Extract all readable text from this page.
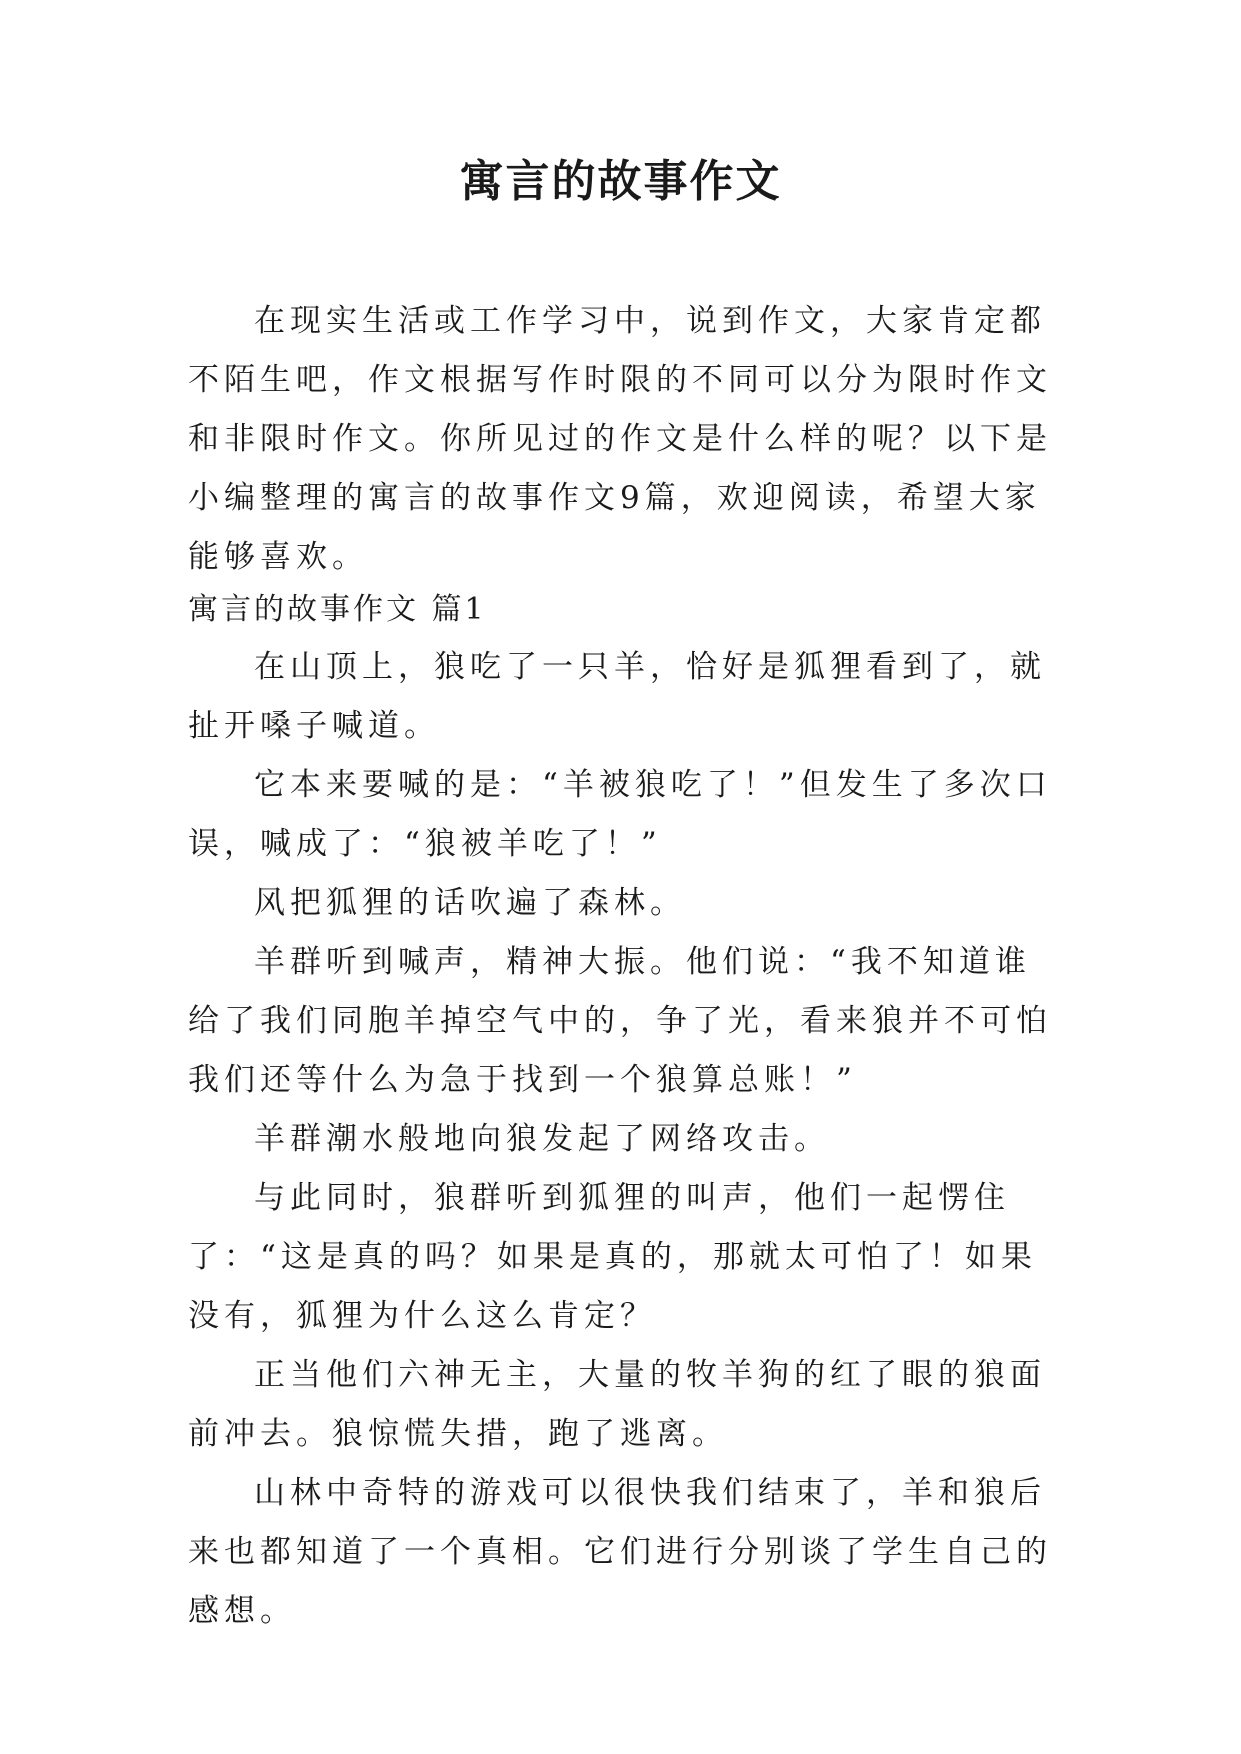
寓言的故事作文

在现实生活或工作学习中，说到作文，大家肯定都不陌生吧，作文根据写作时限的不同可以分为限时作文和非限时作文。你所见过的作文是什么样的呢？以下是小编整理的寓言的故事作文9篇，欢迎阅读，希望大家能够喜欢。

寓言的故事作文 篇1

在山顶上，狼吃了一只羊，恰好是狐狸看到了，就扯开嗓子喊道。

它本来要喊的是：“羊被狼吃了！”但发生了多次口误，喊成了：“狼被羊吃了！”

风把狐狸的话吹遍了森林。

羊群听到喊声，精神大振。他们说：“我不知道谁给了我们同胞羊掉空气中的，争了光，看来狼并不可怕我们还等什么为急于找到一个狼算总账！”

羊群潮水般地向狼发起了网络攻击。

与此同时，狼群听到狐狸的叫声，他们一起愣住了：“这是真的吗？如果是真的，那就太可怕了！如果没有，狐狸为什么这么肯定？

正当他们六神无主，大量的牧羊狗的红了眼的狼面前冲去。狼惊慌失措，跑了逃离。

山林中奇特的游戏可以很快我们结束了，羊和狼后来也都知道了一个真相。它们进行分别谈了学生自己的感想。
